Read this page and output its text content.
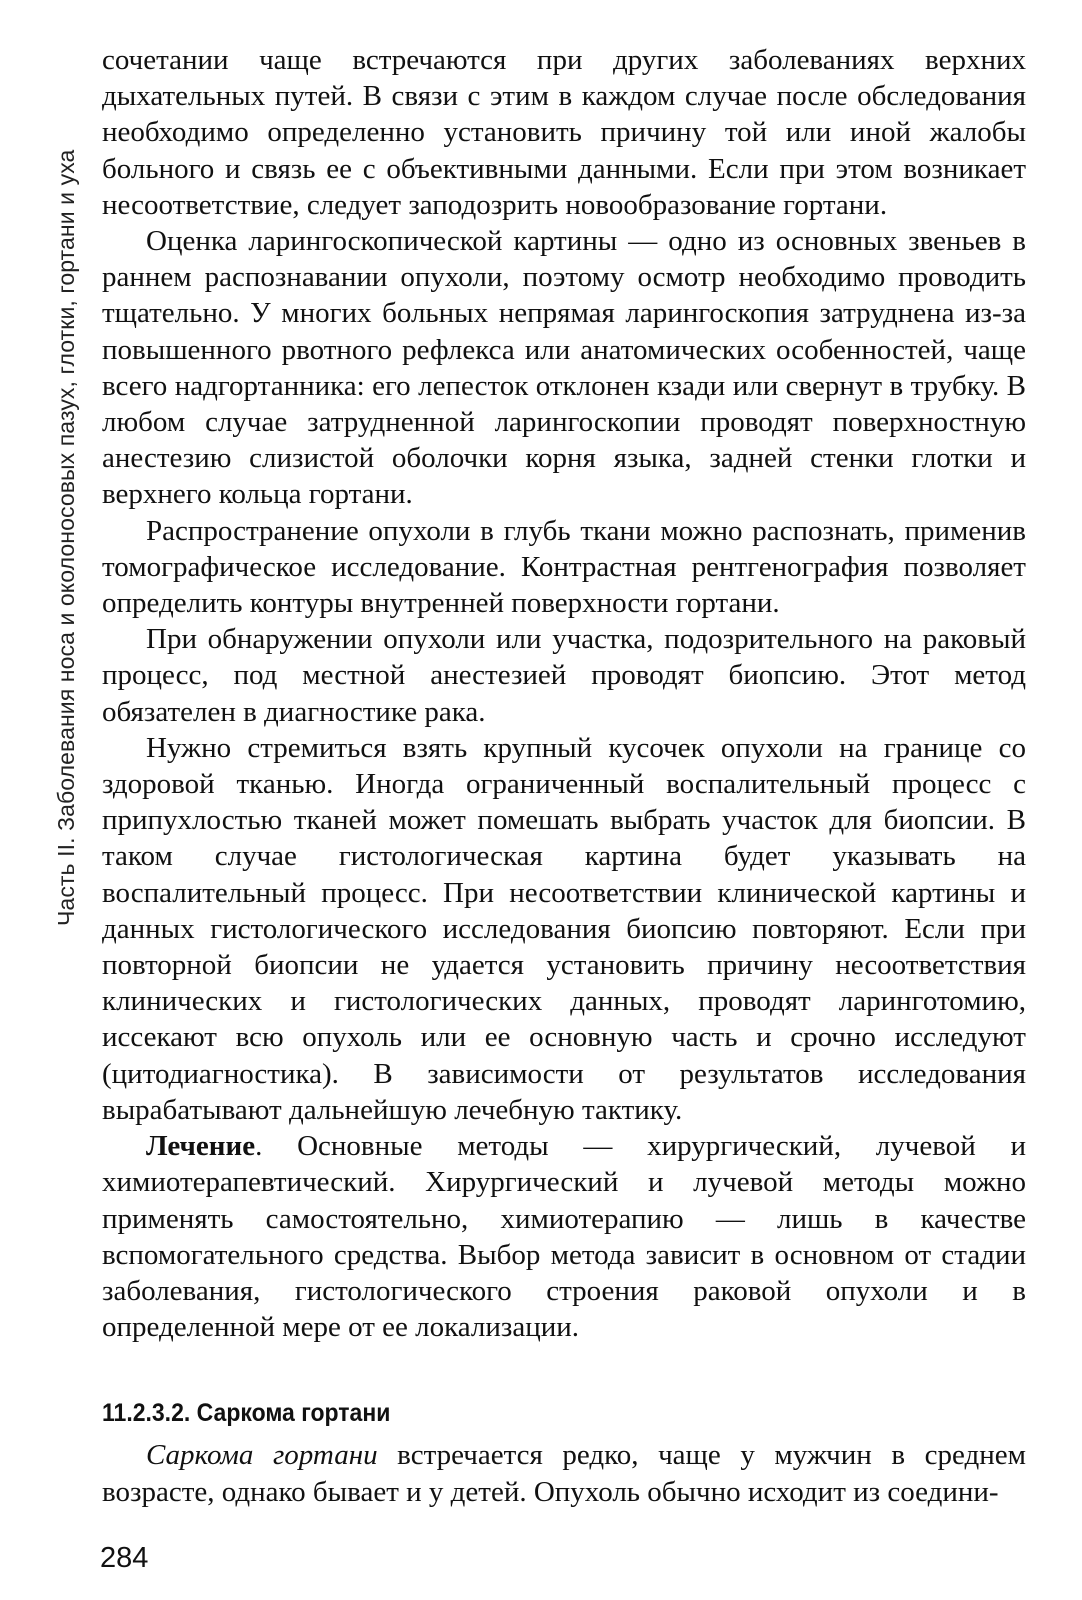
Часть II. Заболевания носа и околоносовых пазух, глотки, гортани и уха

сочетании чаще встречаются при других заболеваниях верхних дыхательных путей. В связи с этим в каждом случае после обследования необходимо определенно установить причину той или иной жалобы больного и связь ее с объективными данными. Если при этом возникает несоответствие, следует заподозрить новообразование гортани.

Оценка ларингоскопической картины — одно из основных звеньев в раннем распознавании опухоли, поэтому осмотр необходимо проводить тщательно. У многих больных непрямая ларингоскопия затруднена из-за повышенного рвотного рефлекса или анатомических особенностей, чаще всего надгортанника: его лепесток отклонен кзади или свернут в трубку. В любом случае затрудненной ларингоскопии проводят поверхностную анестезию слизистой оболочки корня языка, задней стенки глотки и верхнего кольца гортани.

Распространение опухоли в глубь ткани можно распознать, применив томографическое исследование. Контрастная рентгенография позволяет определить контуры внутренней поверхности гортани.

При обнаружении опухоли или участка, подозрительного на раковый процесс, под местной анестезией проводят биопсию. Этот метод обязателен в диагностике рака.

Нужно стремиться взять крупный кусочек опухоли на границе со здоровой тканью. Иногда ограниченный воспалительный процесс с припухлостью тканей может помешать выбрать участок для биопсии. В таком случае гистологическая картина будет указывать на воспалительный процесс. При несоответствии клинической картины и данных гистологического исследования биопсию повторяют. Если при повторной биопсии не удается установить причину несоответствия клинических и гистологических данных, проводят ларинготомию, иссекают всю опухоль или ее основную часть и срочно исследуют (цитодиагностика). В зависимости от результатов исследования вырабатывают дальнейшую лечебную тактику.

Лечение. Основные методы — хирургический, лучевой и химиотерапевтический. Хирургический и лучевой методы можно применять самостоятельно, химиотерапию — лишь в качестве вспомогательного средства. Выбор метода зависит в основном от стадии заболевания, гистологического строения раковой опухоли и в определенной мере от ее локализации.

11.2.3.2. Саркома гортани

Саркома гортани встречается редко, чаще у мужчин в среднем возрасте, однако бывает и у детей. Опухоль обычно исходит из соедини-

284
